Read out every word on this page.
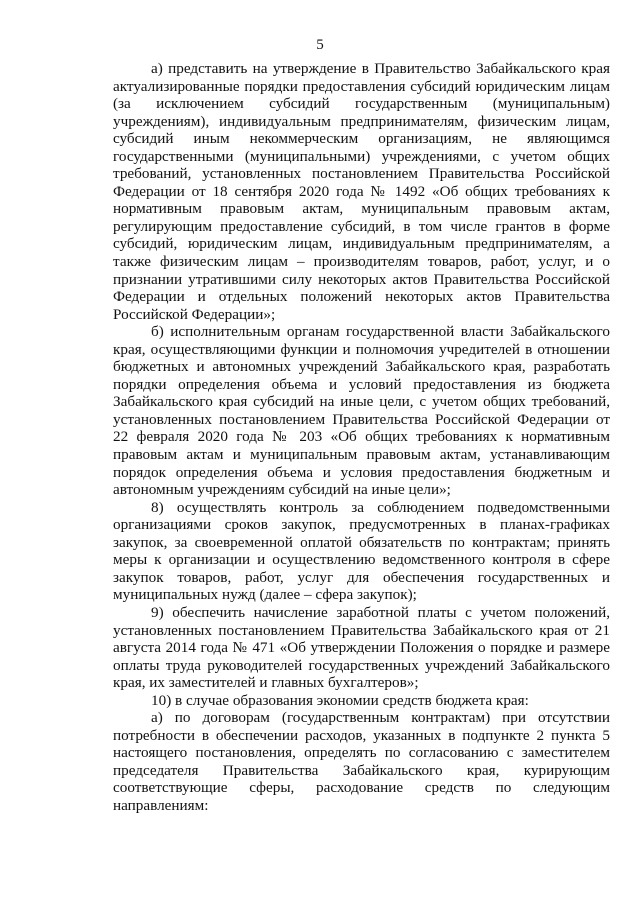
5

а) представить на утверждение в Правительство Забайкальского края актуализированные порядки предоставления субсидий юридическим лицам (за исключением субсидий государственным (муниципальным) учреждениям), индивидуальным предпринимателям, физическим лицам, субсидий иным некоммерческим организациям, не являющимся государственными (муниципальными) учреждениями, с учетом общих требований, установленных постановлением Правительства Российской Федерации от 18 сентября 2020 года № 1492 «Об общих требованиях к нормативным правовым актам, муниципальным правовым актам, регулирующим предоставление субсидий, в том числе грантов в форме субсидий, юридическим лицам, индивидуальным предпринимателям, а также физическим лицам – производителям товаров, работ, услуг, и о признании утратившими силу некоторых актов Правительства Российской Федерации и отдельных положений некоторых актов Правительства Российской Федерации»;

б) исполнительным органам государственной власти Забайкальского края, осуществляющими функции и полномочия учредителей в отношении бюджетных и автономных учреждений Забайкальского края, разработать порядки определения объема и условий предоставления из бюджета Забайкальского края субсидий на иные цели, с учетом общих требований, установленных постановлением Правительства Российской Федерации от 22 февраля 2020 года № 203 «Об общих требованиях к нормативным правовым актам и муниципальным правовым актам, устанавливающим порядок определения объема и условия предоставления бюджетным и автономным учреждениям субсидий на иные цели»;

8) осуществлять контроль за соблюдением подведомственными организациями сроков закупок, предусмотренных в планах-графиках закупок, за своевременной оплатой обязательств по контрактам; принять меры к организации и осуществлению ведомственного контроля в сфере закупок товаров, работ, услуг для обеспечения государственных и муниципальных нужд (далее – сфера закупок);

9) обеспечить начисление заработной платы с учетом положений, установленных постановлением Правительства Забайкальского края от 21 августа 2014 года № 471 «Об утверждении Положения о порядке и размере оплаты труда руководителей государственных учреждений Забайкальского края, их заместителей и главных бухгалтеров»;

10) в случае образования экономии средств бюджета края:

а) по договорам (государственным контрактам) при отсутствии потребности в обеспечении расходов, указанных в подпункте 2 пункта 5 настоящего постановления, определять по согласованию с заместителем председателя Правительства Забайкальского края, курирующим соответствующие сферы, расходование средств по следующим направлениям:
